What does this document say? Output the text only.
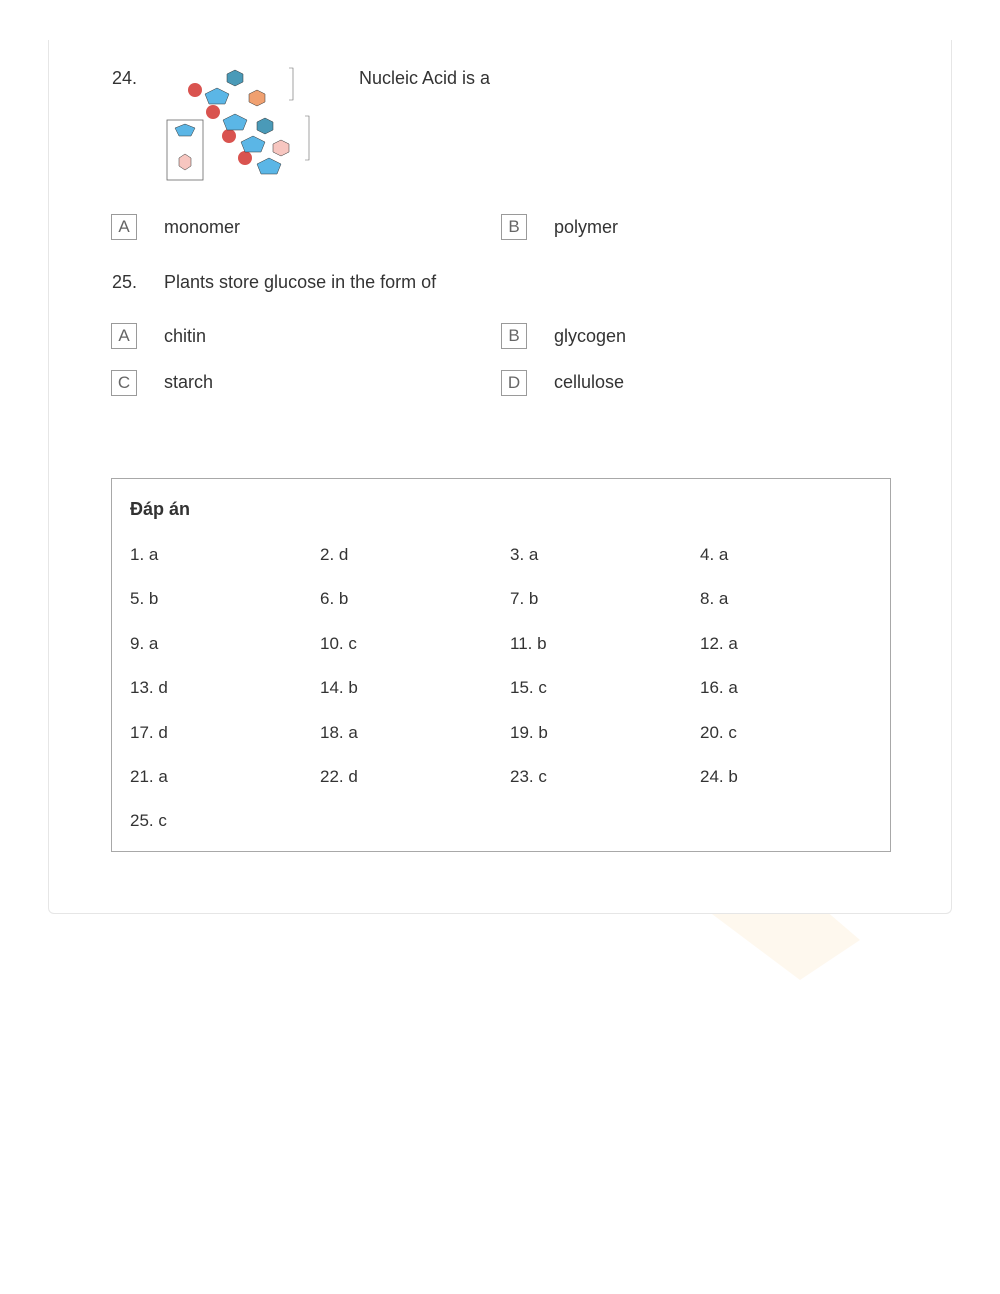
24.	Nucleic Acid is a
A	monomer	B	polymer
25. Plants store glucose in the form of
A	chitin	B	glycogen
C	starch	D	cellulose
Đáp án
1. a	2. d	3. a	4. a
5. b	6. b	7. b	8. a
9. a	10. c	11. b	12. a
13. d	14. b	15. c	16. a
17. d	18. a	19. b	20. c
21. a	22. d	23. c	24. b
25. c
